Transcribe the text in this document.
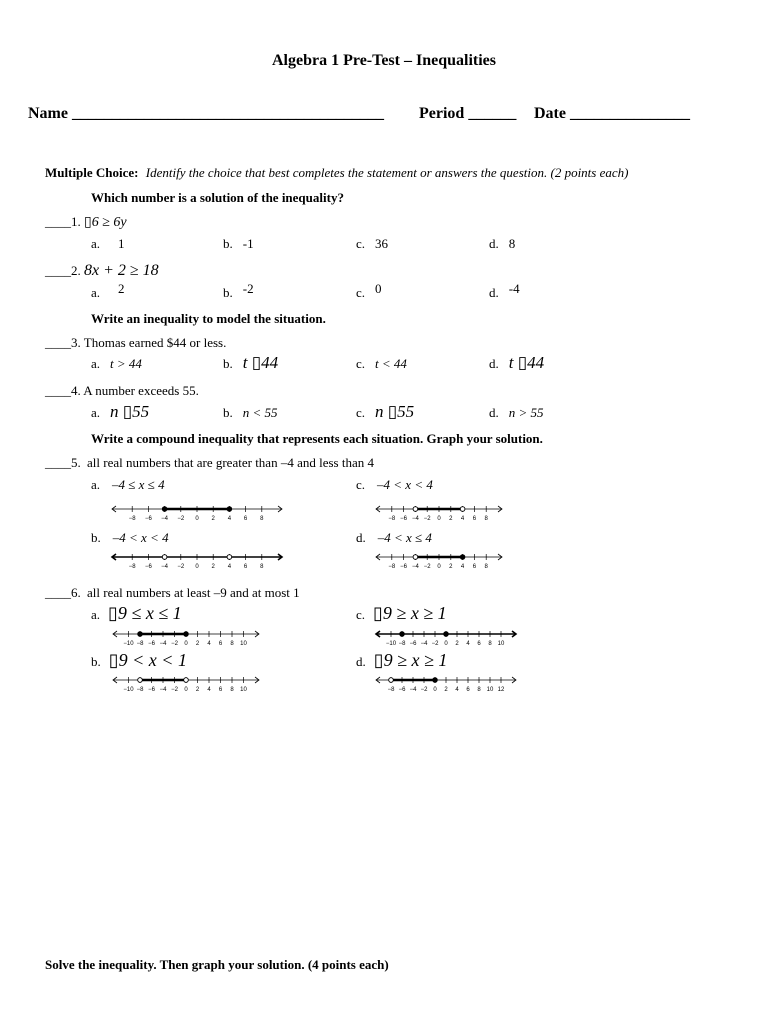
Algebra 1 Pre-Test – Inequalities
Name _______________________________________ Period ______ Date _______________
Multiple Choice: Identify the choice that best completes the statement or answers the question. (2 points each)
Which number is a solution of the inequality?
____1. ▯6 ≥ 6y
a. 1	b. -1	c. 36	d. 8
____2. 8x + 2 ≥ 18
a. 2	b. -2	c. 0	d. -4
Write an inequality to model the situation.
____3. Thomas earned $44 or less.
a. t > 44	b. t ▯44	c. t < 44	d. t ▯44
____4. A number exceeds 55.
a. n ▯55	b. n < 55	c. n ▯55	d. n > 55
Write a compound inequality that represents each situation. Graph your solution.
____5. all real numbers that are greater than –4 and less than 4
a. –4 ≤ x ≤ 4	c. –4 < x < 4
b. –4 < x < 4	d. –4 < x ≤ 4
____6. all real numbers at least –9 and at most 1
a. ▯9 ≤ x ≤ 1	c. ▯9 ≥ x ≥ 1
b. ▯9 < x < 1	d. ▯9 ≥ x ≥ 1
−8 −6 −4 −2 0 2 4 6 8	−8 −6 −4 −2 0 2 4 6 8
−8 −6 −4 −2 0 2 4 6 8	−8 −6 −4 −2 0 2 4 6 8
−10 −8 −6 −4 −2 0 2 4 6 8 10	−10 −8 −6 −4 −2 0 2 4 6 8 10
−10 −8 −6 −4 −2 0 2 4 6 8 10	−8 −6 −4 −2 0 2 4 6 8 10 12
Solve the inequality. Then graph your solution. (4 points each)
